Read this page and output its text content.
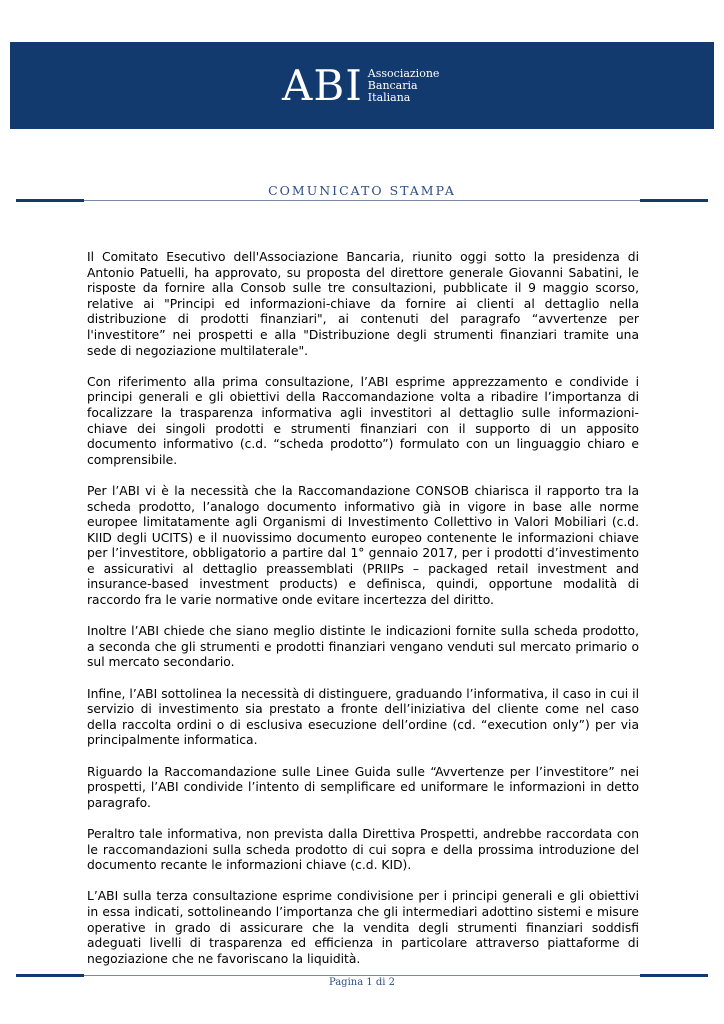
ABI Associazione
Bancaria
Italiana
COMUNICATO STAMPA

Il Comitato Esecutivo dell'Associazione Bancaria, riunito oggi sotto la presidenza di Antonio Patuelli, ha approvato, su proposta del direttore generale Giovanni Sabatini, le risposte da fornire alla Consob sulle tre consultazioni, pubblicate il 9 maggio scorso, relative ai "Principi ed informazioni-chiave da fornire ai clienti al dettaglio nella distribuzione di prodotti finanziari", ai contenuti del paragrafo “avvertenze per l'investitore” nei prospetti e alla "Distribuzione degli strumenti finanziari tramite una sede di negoziazione multilaterale".

Con riferimento alla prima consultazione, l’ABI esprime apprezzamento e condivide i principi generali e gli obiettivi della Raccomandazione volta a ribadire l’importanza di focalizzare la trasparenza informativa agli investitori al dettaglio sulle informazioni-chiave dei singoli prodotti e strumenti finanziari con il supporto di un apposito documento informativo (c.d. “scheda prodotto”) formulato con un linguaggio chiaro e comprensibile.

Per l’ABI vi è la necessità che la Raccomandazione CONSOB chiarisca il rapporto tra la scheda prodotto, l’analogo documento informativo già in vigore in base alle norme europee limitatamente agli Organismi di Investimento Collettivo in Valori Mobiliari (c.d. KIID degli UCITS) e il nuovissimo documento europeo contenente le informazioni chiave per l’investitore, obbligatorio a partire dal 1° gennaio 2017, per i prodotti d’investimento e assicurativi al dettaglio preassemblati (PRIIPs – packaged retail investment and insurance-based investment products) e definisca, quindi, opportune modalità di raccordo fra le varie normative onde evitare incertezza del diritto.

Inoltre l’ABI chiede che siano meglio distinte le indicazioni fornite sulla scheda prodotto, a seconda che gli strumenti e prodotti finanziari vengano venduti sul mercato primario o sul mercato secondario.

Infine, l’ABI sottolinea la necessità di distinguere, graduando l’informativa, il caso in cui il servizio di investimento sia prestato a fronte dell’iniziativa del cliente come nel caso della raccolta ordini o di esclusiva esecuzione dell’ordine (cd. “execution only”) per via principalmente informatica.

Riguardo la Raccomandazione sulle Linee Guida sulle “Avvertenze per l’investitore” nei prospetti, l’ABI condivide l’intento di semplificare ed uniformare le informazioni in detto paragrafo.

Peraltro tale informativa, non prevista dalla Direttiva Prospetti, andrebbe raccordata con le raccomandazioni sulla scheda prodotto di cui sopra e della prossima introduzione del documento recante le informazioni chiave (c.d. KID).

L’ABI sulla terza consultazione esprime condivisione per i principi generali e gli obiettivi in essa indicati, sottolineando l’importanza che gli intermediari adottino sistemi e misure operative in grado di assicurare che la vendita degli strumenti finanziari soddisfi adeguati livelli di trasparenza ed efficienza in particolare attraverso piattaforme di negoziazione che ne favoriscano la liquidità.

Pagina 1 di 2
